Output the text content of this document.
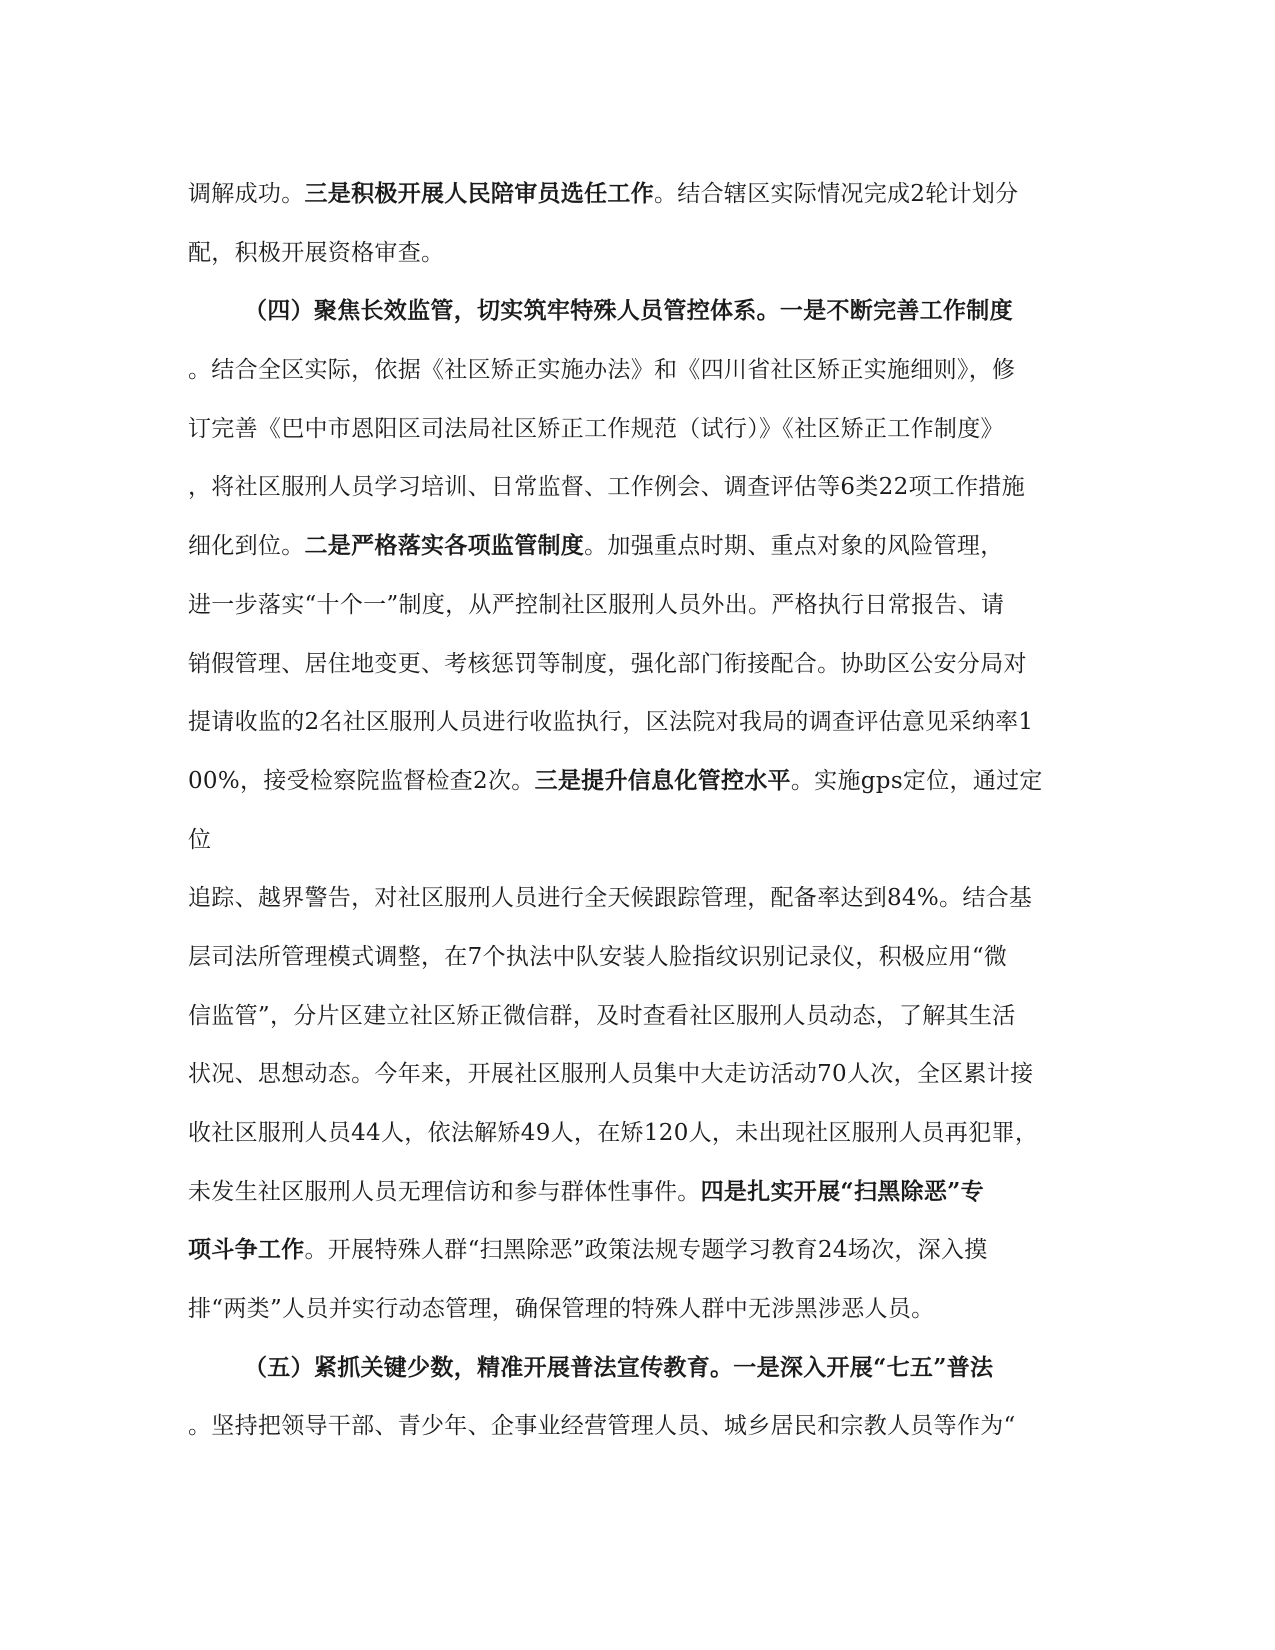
调解成功。三是积极开展人民陪审员选任工作。结合辖区实际情况完成2轮计划分
配，积极开展资格审查。
（四）聚焦长效监管，切实筑牢特殊人员管控体系。一是不断完善工作制度
。结合全区实际，依据《社区矫正实施办法》和《四川省社区矫正实施细则》，修
订完善《巴中市恩阳区司法局社区矫正工作规范（试行）》《社区矫正工作制度》
，将社区服刑人员学习培训、日常监督、工作例会、调查评估等6类22项工作措施
细化到位。二是严格落实各项监管制度。加强重点时期、重点对象的风险管理，
进一步落实“十个一”制度，从严控制社区服刑人员外出。严格执行日常报告、请
销假管理、居住地变更、考核惩罚等制度，强化部门衔接配合。协助区公安分局对
提请收监的2名社区服刑人员进行收监执行，区法院对我局的调查评估意见采纳率1
00%，接受检察院监督检查2次。三是提升信息化管控水平。实施gps定位，通过定
位
追踪、越界警告，对社区服刑人员进行全天候跟踪管理，配备率达到84%。结合基
层司法所管理模式调整，在7个执法中队安装人脸指纹识别记录仪，积极应用“微
信监管”，分片区建立社区矫正微信群，及时查看社区服刑人员动态，了解其生活
状况、思想动态。今年来，开展社区服刑人员集中大走访活动70人次，全区累计接
收社区服刑人员44人，依法解矫49人，在矫120人，未出现社区服刑人员再犯罪，
未发生社区服刑人员无理信访和参与群体性事件。四是扎实开展“扫黑除恶”专
项斗争工作。开展特殊人群“扫黑除恶”政策法规专题学习教育24场次，深入摸
排“两类”人员并实行动态管理，确保管理的特殊人群中无涉黑涉恶人员。
（五）紧抓关键少数，精准开展普法宣传教育。一是深入开展“七五”普法
。坚持把领导干部、青少年、企事业经营管理人员、城乡居民和宗教人员等作为“
